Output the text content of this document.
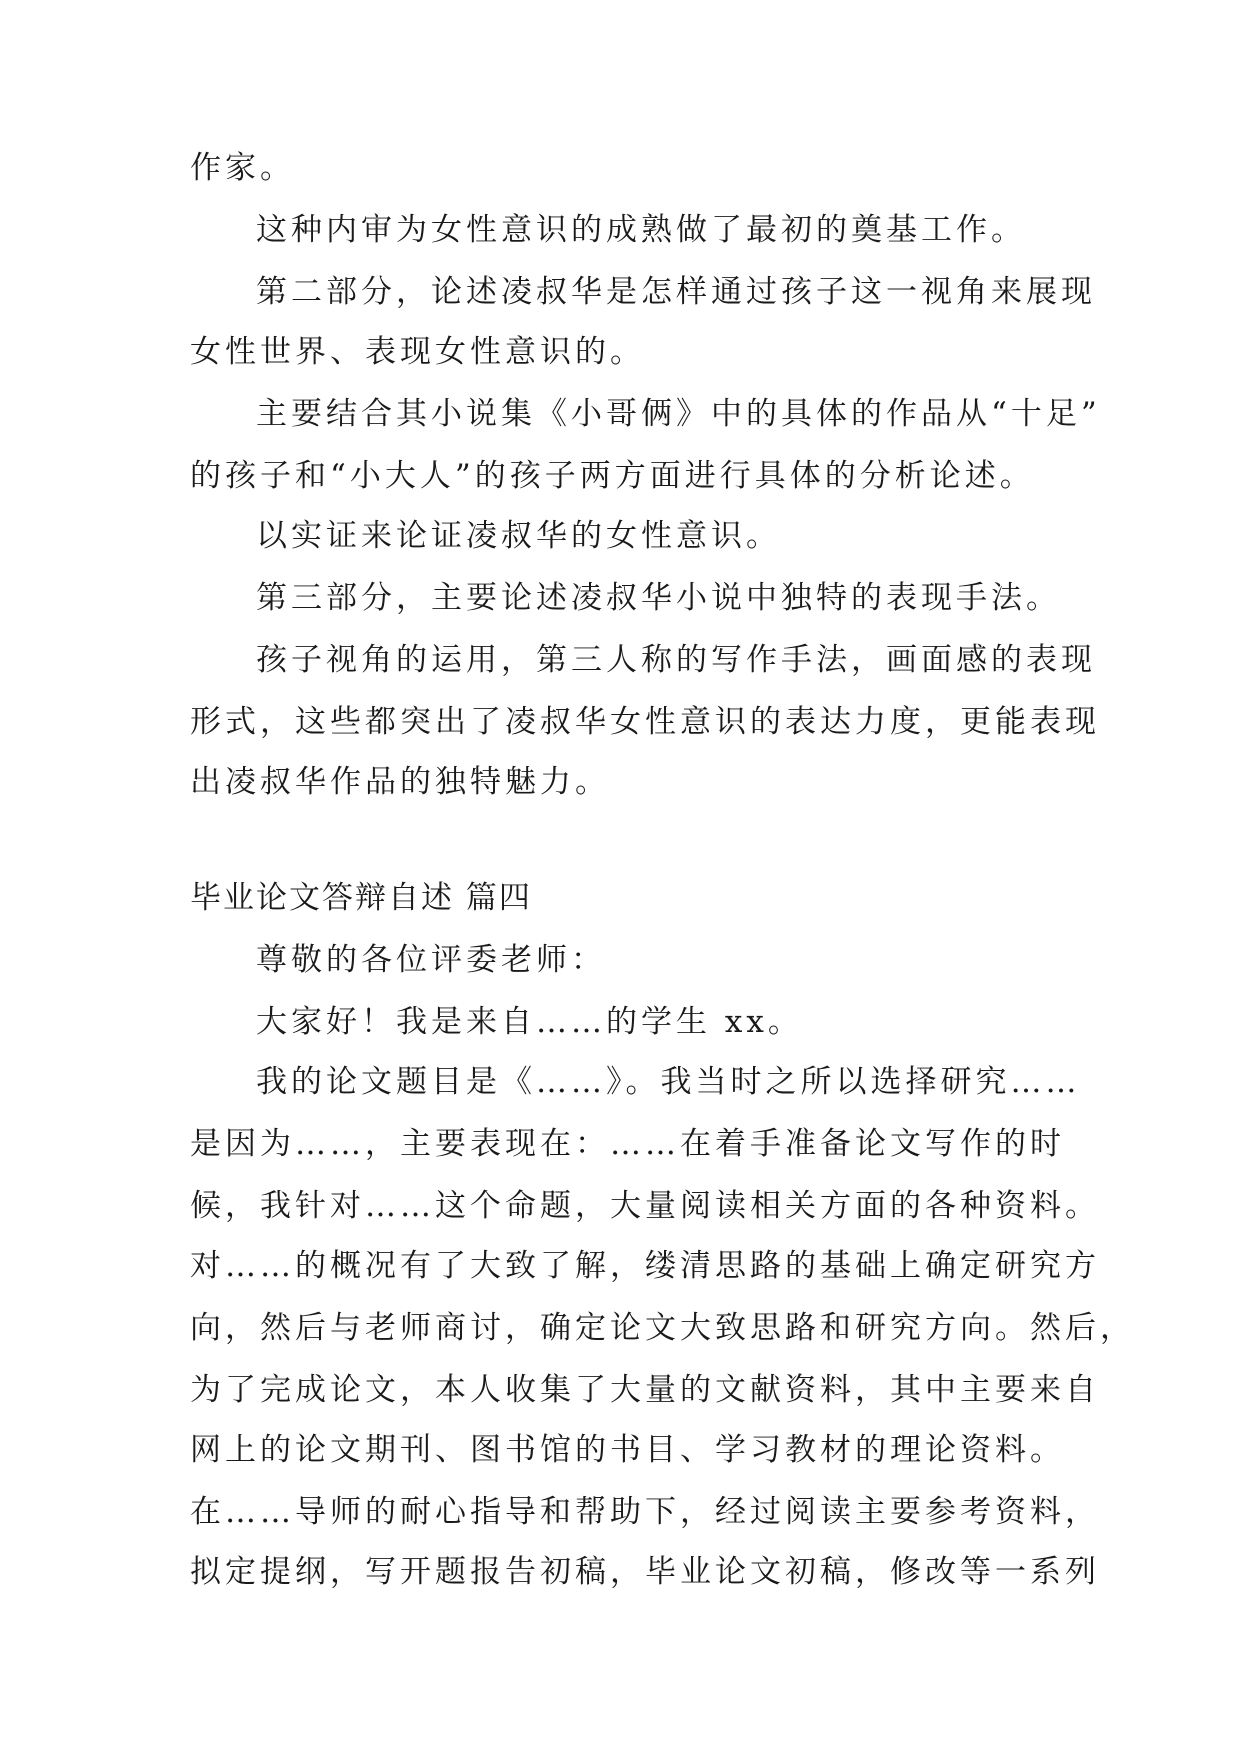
作家。
这种内审为女性意识的成熟做了最初的奠基工作。
第二部分，论述凌叔华是怎样通过孩子这一视角来展现
女性世界、表现女性意识的。
主要结合其小说集《小哥俩》中的具体的作品从“十足”
的孩子和“小大人”的孩子两方面进行具体的分析论述。
以实证来论证凌叔华的女性意识。
第三部分，主要论述凌叔华小说中独特的表现手法。
孩子视角的运用，第三人称的写作手法，画面感的表现
形式，这些都突出了凌叔华女性意识的表达力度，更能表现
出凌叔华作品的独特魅力。
毕业论文答辩自述 篇四
尊敬的各位评委老师：
大家好！我是来自……的学生 xx。
我的论文题目是《……》。我当时之所以选择研究……
是因为……，主要表现在：……在着手准备论文写作的时
候，我针对……这个命题，大量阅读相关方面的各种资料。
对……的概况有了大致了解，缕清思路的基础上确定研究方
向，然后与老师商讨，确定论文大致思路和研究方向。然后，
为了完成论文，本人收集了大量的文献资料，其中主要来自
网上的论文期刊、图书馆的书目、学习教材的理论资料。
在……导师的耐心指导和帮助下，经过阅读主要参考资料，
拟定提纲，写开题报告初稿，毕业论文初稿，修改等一系列
